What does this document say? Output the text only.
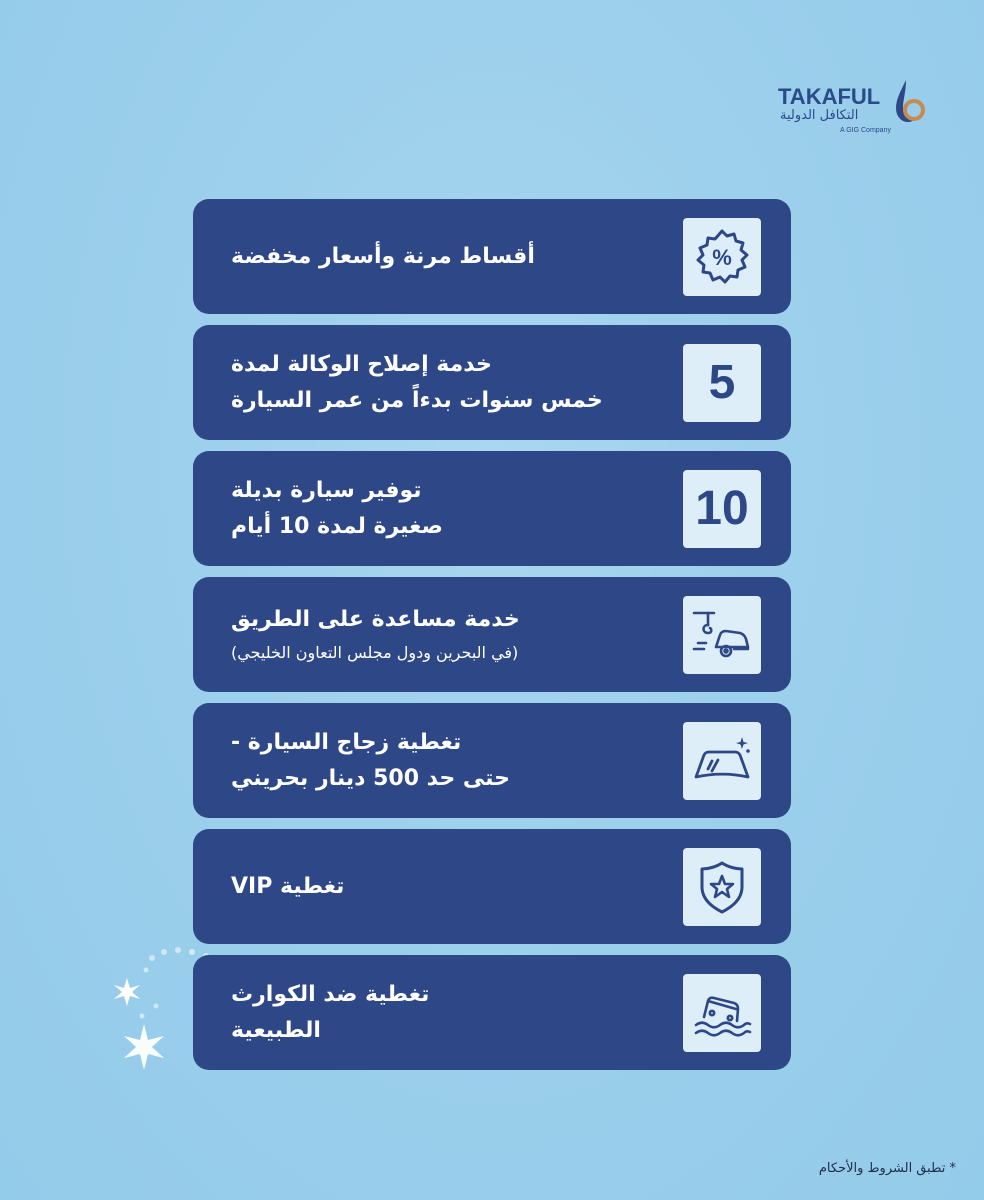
TAKAFUL
التكافل الدولية
A GIG Company
%
أقساط مرنة وأسعار مخفضة
5
خدمة إصلاح الوكالة لمدة
خمس سنوات بدءاً من عمر السيارة
10
توفير سيارة بديلة
صغيرة لمدة 10 أيام
خدمة مساعدة على الطريق
(في البحرين ودول مجلس التعاون الخليجي)
تغطية زجاج السيارة -
حتى حد 500 دينار بحريني
تغطية VIP
تغطية ضد الكوارث
الطبيعية
* تطبق الشروط والأحكام
